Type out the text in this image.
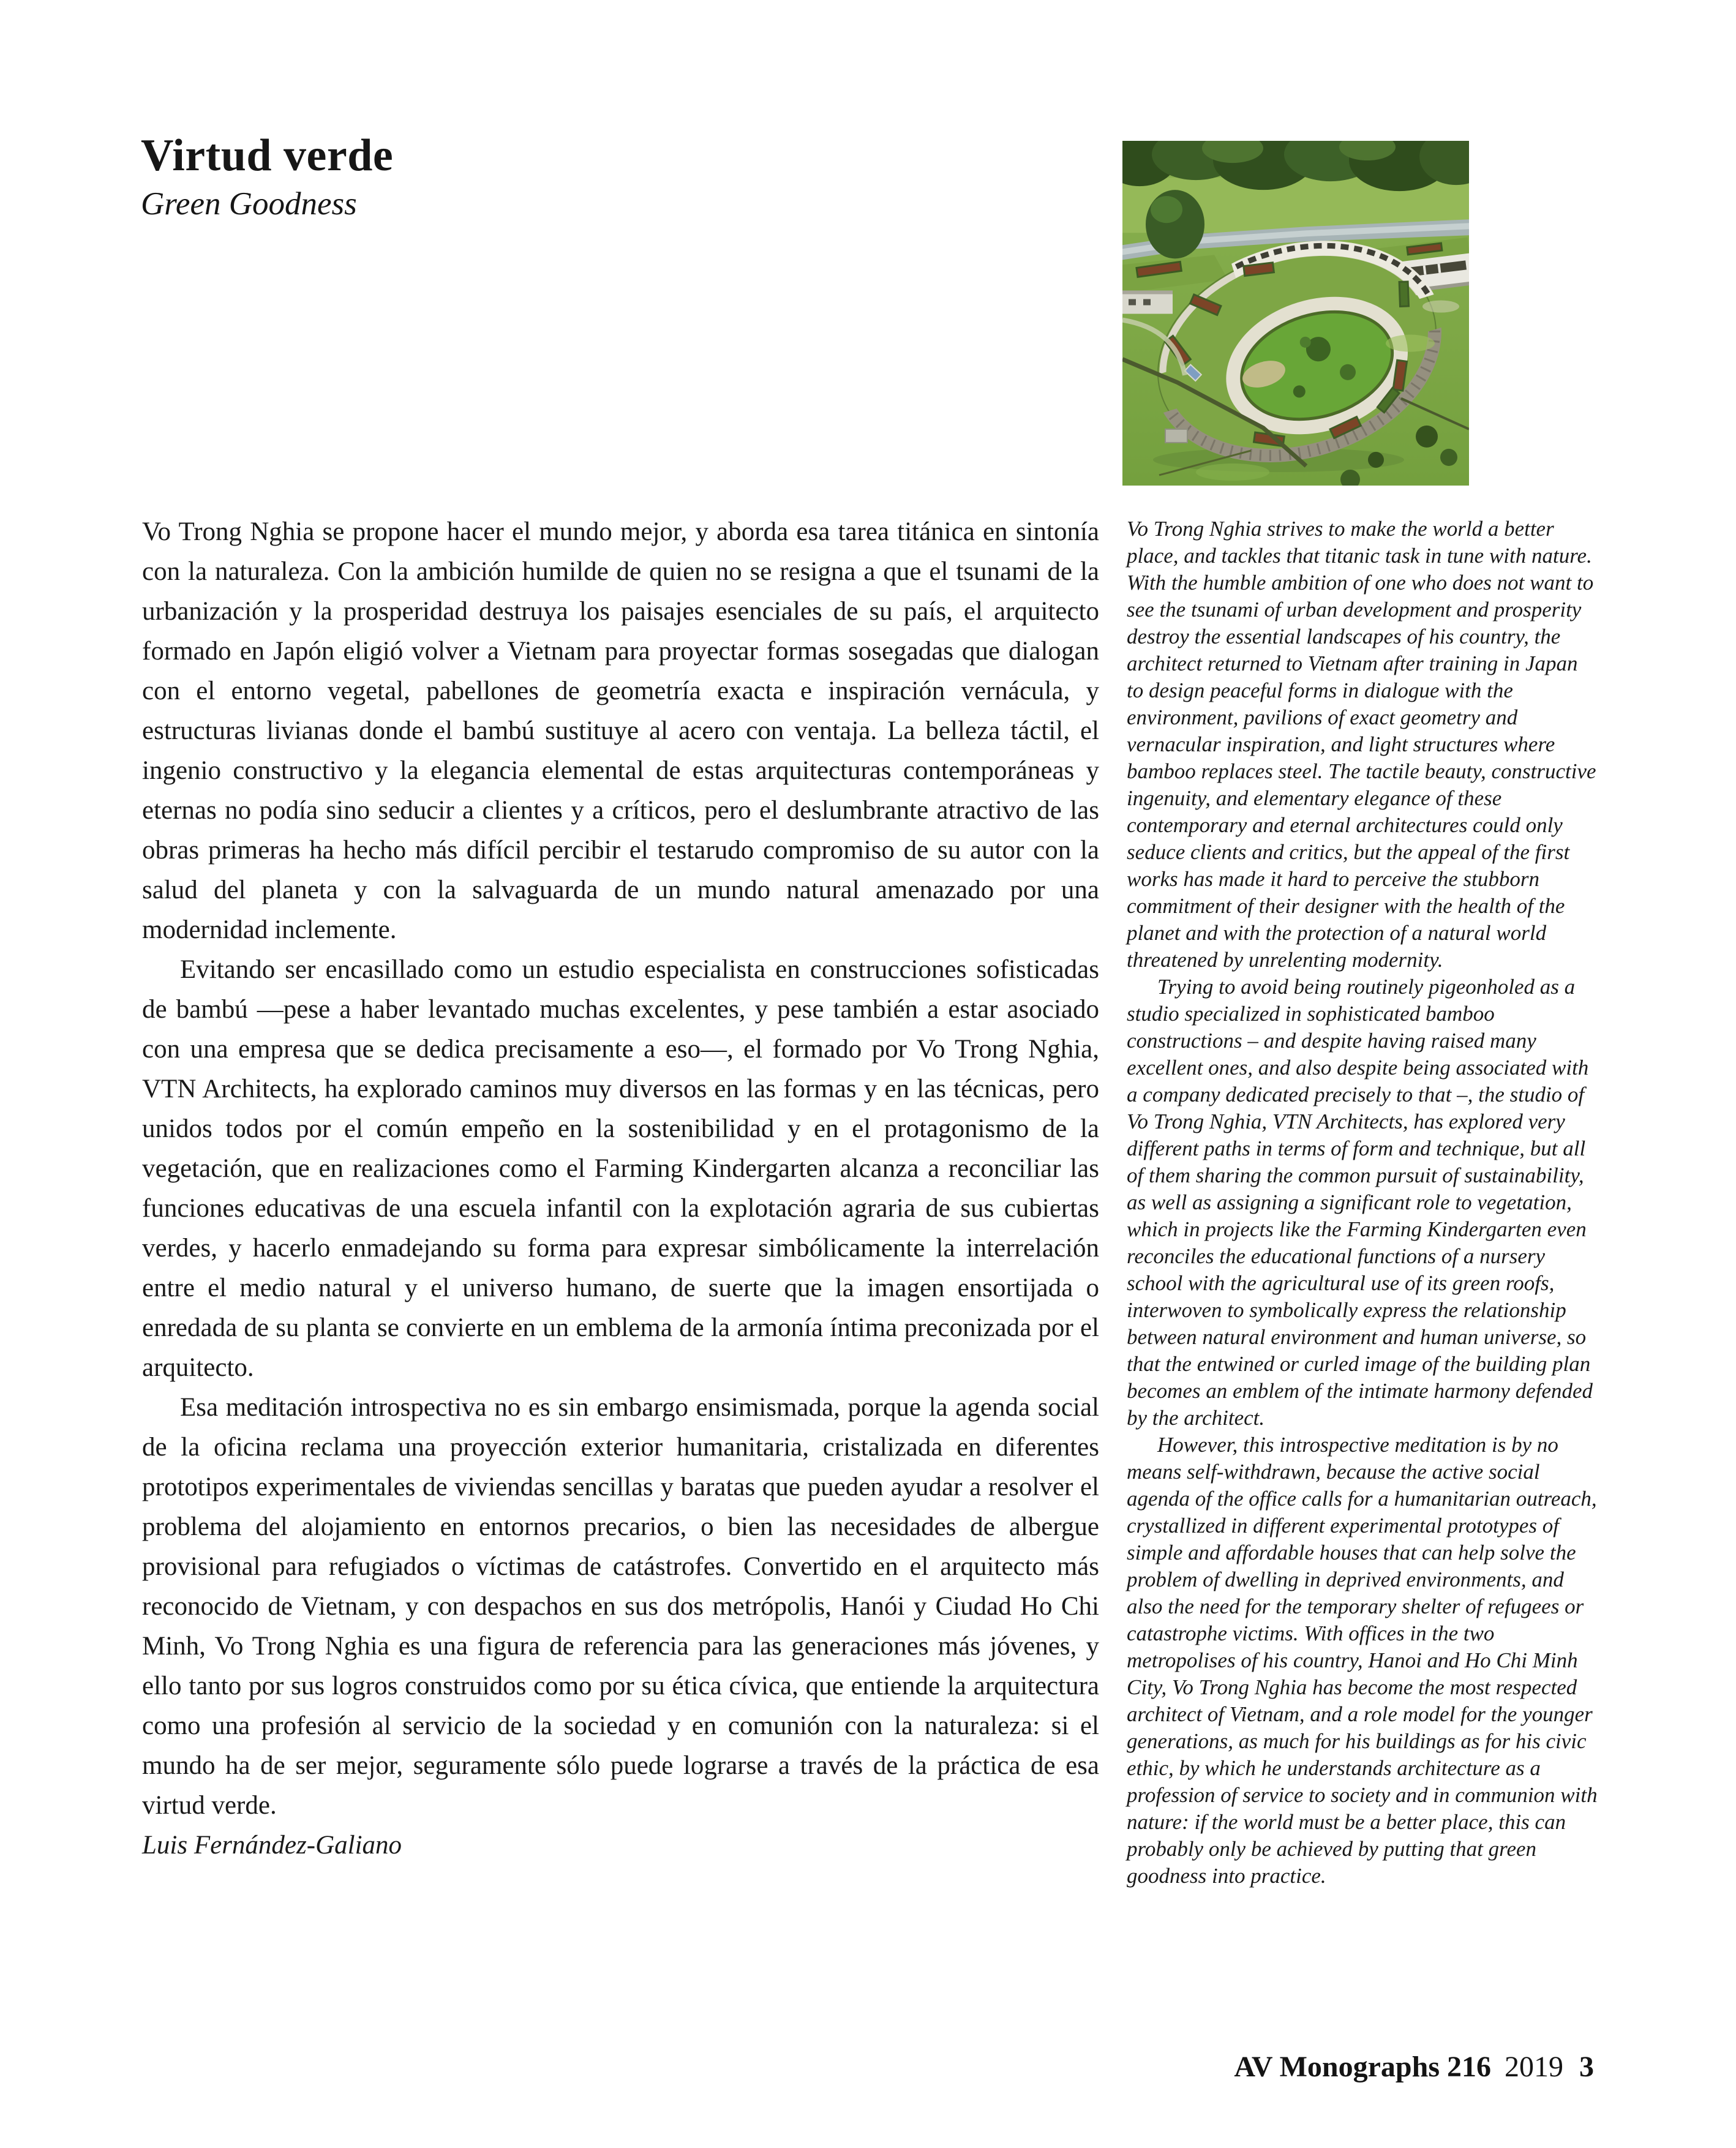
Virtud verde
Green Goodness

Vo Trong Nghia se propone hacer el mundo mejor, y aborda esa tarea titánica en sintonía con la naturaleza. Con la ambición humilde de quien no se resigna a que el tsunami de la urbanización y la prosperidad destruya los paisajes esenciales de su país, el arquitecto formado en Japón eligió volver a Vietnam para proyectar formas sosegadas que dialogan con el entorno vegetal, pabellones de geometría exacta e inspiración vernácula, y estructuras livianas donde el bambú sustituye al acero con ventaja. La belleza táctil, el ingenio constructivo y la elegancia elemental de estas arquitecturas contemporáneas y eternas no podía sino seducir a clientes y a críticos, pero el deslumbrante atractivo de las obras primeras ha hecho más difícil percibir el testarudo compromiso de su autor con la salud del planeta y con la salvaguarda de un mundo natural amenazado por una modernidad inclemente.

Evitando ser encasillado como un estudio especialista en construcciones sofisticadas de bambú —pese a haber levantado muchas excelentes, y pese también a estar asociado con una empresa que se dedica precisamente a eso—, el formado por Vo Trong Nghia, VTN Architects, ha explorado caminos muy diversos en las formas y en las técnicas, pero unidos todos por el común empeño en la sostenibilidad y en el protagonismo de la vegetación, que en realizaciones como el Farming Kindergarten alcanza a reconciliar las funciones educativas de una escuela infantil con la explotación agraria de sus cubiertas verdes, y hacerlo enmadejando su forma para expresar simbólicamente la interrelación entre el medio natural y el universo humano, de suerte que la imagen ensortijada o enredada de su planta se convierte en un emblema de la armonía íntima preconizada por el arquitecto.

Esa meditación introspectiva no es sin embargo ensimismada, porque la agenda social de la oficina reclama una proyección exterior humanitaria, cristalizada en diferentes prototipos experimentales de viviendas sencillas y baratas que pueden ayudar a resolver el problema del alojamiento en entornos precarios, o bien las necesidades de albergue provisional para refugiados o víctimas de catástrofes. Convertido en el arquitecto más reconocido de Vietnam, y con despachos en sus dos metrópolis, Hanói y Ciudad Ho Chi Minh, Vo Trong Nghia es una figura de referencia para las generaciones más jóvenes, y ello tanto por sus logros construidos como por su ética cívica, que entiende la arquitectura como una profesión al servicio de la sociedad y en comunión con la naturaleza: si el mundo ha de ser mejor, seguramente sólo puede lograrse a través de la práctica de esa virtud verde.

Luis Fernández-Galiano

Vo Trong Nghia strives to make the world a better place, and tackles that titanic task in tune with nature. With the humble ambition of one who does not want to see the tsunami of urban development and prosperity destroy the essential landscapes of his country, the architect returned to Vietnam after training in Japan to design peaceful forms in dialogue with the environment, pavilions of exact geometry and vernacular inspiration, and light structures where bamboo replaces steel. The tactile beauty, constructive ingenuity, and elementary elegance of these contemporary and eternal architectures could only seduce clients and critics, but the appeal of the first works has made it hard to perceive the stubborn commitment of their designer with the health of the planet and with the protection of a natural world threatened by unrelenting modernity.

Trying to avoid being routinely pigeonholed as a studio specialized in sophisticated bamboo constructions – and despite having raised many excellent ones, and also despite being associated with a company dedicated precisely to that –, the studio of Vo Trong Nghia, VTN Architects, has explored very different paths in terms of form and technique, but all of them sharing the common pursuit of sustainability, as well as assigning a significant role to vegetation, which in projects like the Farming Kindergarten even reconciles the educational functions of a nursery school with the agricultural use of its green roofs, interwoven to symbolically express the relationship between natural environment and human universe, so that the entwined or curled image of the building plan becomes an emblem of the intimate harmony defended by the architect.

However, this introspective meditation is by no means self-withdrawn, because the active social agenda of the office calls for a humanitarian outreach, crystallized in different experimental prototypes of simple and affordable houses that can help solve the problem of dwelling in deprived environments, and also the need for the temporary shelter of refugees or catastrophe victims. With offices in the two metropolises of his country, Hanoi and Ho Chi Minh City, Vo Trong Nghia has become the most respected architect of Vietnam, and a role model for the younger generations, as much for his buildings as for his civic ethic, by which he understands architecture as a profession of service to society and in communion with nature: if the world must be a better place, this can probably only be achieved by putting that green goodness into practice.

AV Monographs 216 2019 3
